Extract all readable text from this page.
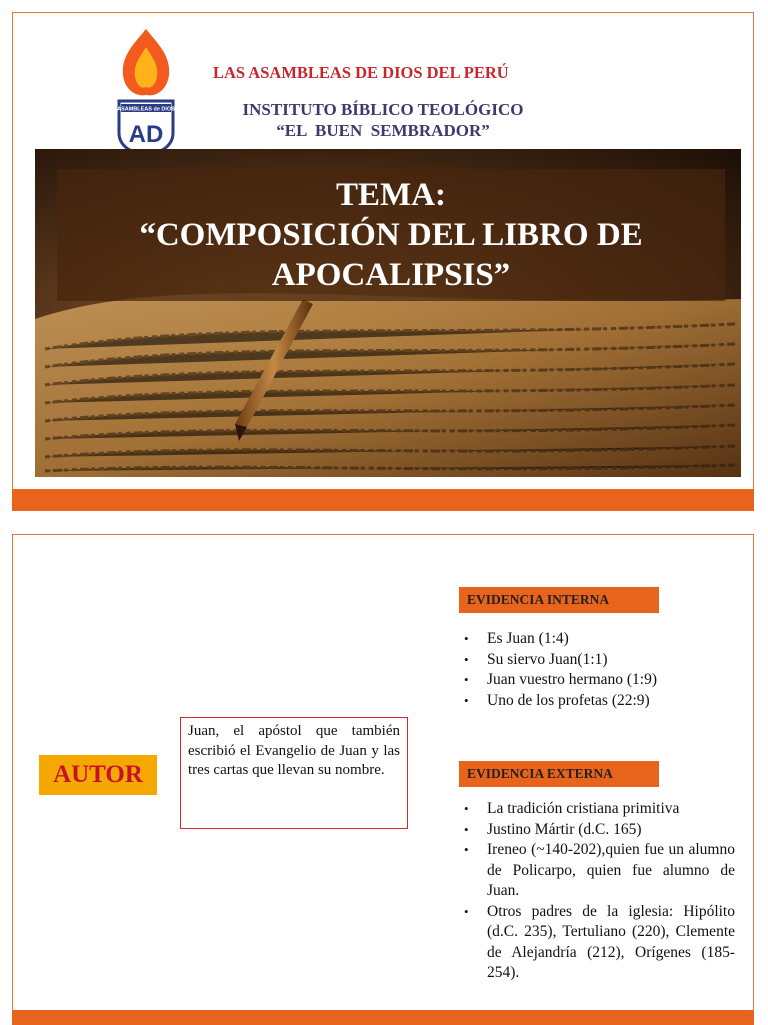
ASAMBLEAS de DIOS
AD
LAS ASAMBLEAS DE DIOS DEL PERÚ
INSTITUTO BÍBLICO TEOLÓGICO
“EL  BUEN  SEMBRADOR”
TEMA:
“COMPOSICIÓN DEL LIBRO DE
APOCALIPSIS”
AUTOR
Juan, el apóstol que también escribió el Evangelio de Juan y las tres cartas que llevan su nombre.
EVIDENCIA INTERNA
• Es Juan (1:4)
• Su siervo Juan(1:1)
• Juan vuestro hermano (1:9)
• Uno de los profetas (22:9)
EVIDENCIA EXTERNA
• La tradición cristiana primitiva
• Justino Mártir (d.C. 165)
• Ireneo (~140-202),quien fue un alumno de Policarpo, quien fue alumno de Juan.
• Otros padres de la iglesia: Hipólito (d.C. 235), Tertuliano (220), Clemente de Alejandría (212), Orígenes (185-254).
